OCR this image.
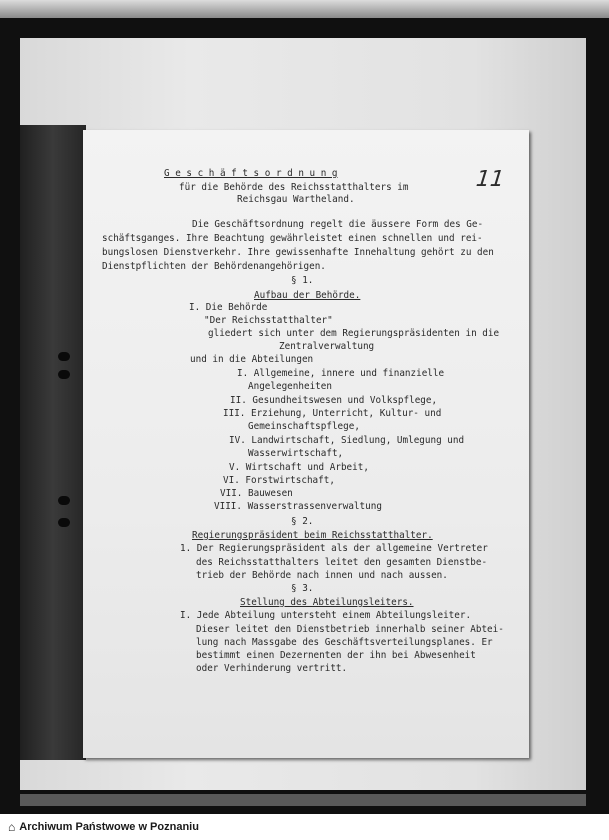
G e s c h ä f t s o r d n u n g
für die Behörde des Reichsstatthalters im
Reichsgau Wartheland.
Die Geschäftsordnung regelt die äussere Form des Ge-
schäftsganges. Ihre Beachtung gewährleistet einen schnellen und rei-
bungslosen Dienstverkehr. Ihre gewissenhafte Innehaltung gehört zu den
Dienstpflichten der Behördenangehörigen.
§ 1.
Aufbau der Behörde.
I. Die Behörde
"Der Reichsstatthalter"
gliedert sich unter dem Regierungspräsidenten in die
Zentralverwaltung
und in die Abteilungen
I. Allgemeine, innere und finanzielle
Angelegenheiten
II. Gesundheitswesen und Volkspflege,
III. Erziehung, Unterricht, Kultur- und
Gemeinschaftspflege,
IV. Landwirtschaft, Siedlung, Umlegung und
Wasserwirtschaft,
V. Wirtschaft und Arbeit,
VI. Forstwirtschaft,
VII. Bauwesen
VIII. Wasserstrassenverwaltung
§ 2.
Regierungspräsident beim Reichsstatthalter.
1. Der Regierungspräsident als der allgemeine Vertreter
des Reichsstatthalters leitet den gesamten Dienstbe-
trieb der Behörde nach innen und nach aussen.
§ 3.
Stellung des Abteilungsleiters.
I. Jede Abteilung untersteht einem Abteilungsleiter.
Dieser leitet den Dienstbetrieb innerhalb seiner Abtei-
lung nach Massgabe des Geschäftsverteilungsplanes. Er
bestimmt einen Dezernenten der ihn bei Abwesenheit
oder Verhinderung vertritt.
11
⌂ Archiwum Państwowe w Poznaniu
